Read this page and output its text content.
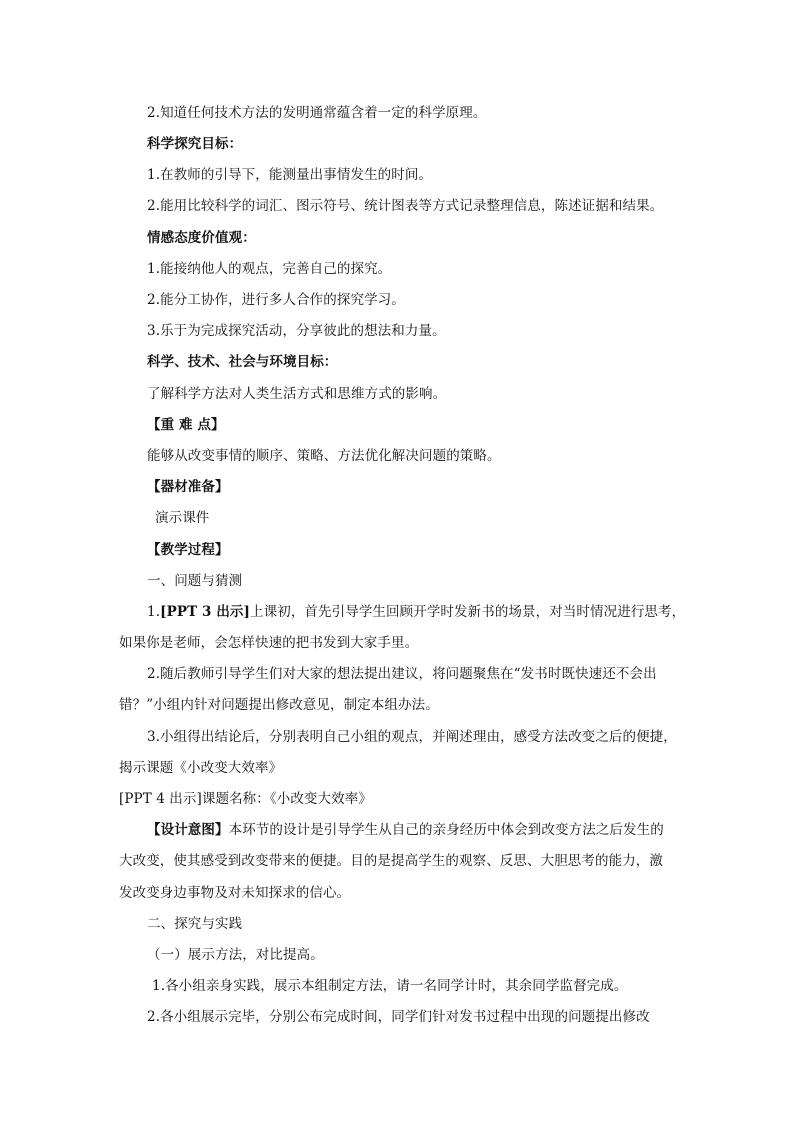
2.知道任何技术方法的发明通常蕴含着一定的科学原理。
科学探究目标：
1.在教师的引导下，能测量出事情发生的时间。
2.能用比较科学的词汇、图示符号、统计图表等方式记录整理信息，陈述证据和结果。
情感态度价值观：
1.能接纳他人的观点，完善自己的探究。
2.能分工协作，进行多人合作的探究学习。
3.乐于为完成探究活动，分享彼此的想法和力量。
科学、技术、社会与环境目标：
了解科学方法对人类生活方式和思维方式的影响。
【重 难 点】
能够从改变事情的顺序、策略、方法优化解决问题的策略。
【器材准备】
演示课件
【教学过程】
一、问题与猜测
1.[PPT 3 出示]上课初，首先引导学生回顾开学时发新书的场景，对当时情况进行思考，
如果你是老师，会怎样快速的把书发到大家手里。
2.随后教师引导学生们对大家的想法提出建议，将问题聚焦在“发书时既快速还不会出
错？”小组内针对问题提出修改意见，制定本组办法。
3.小组得出结论后，分别表明自己小组的观点，并阐述理由，感受方法改变之后的便捷，
揭示课题《小改变大效率》
[PPT 4 出示]课题名称：《小改变大效率》
【设计意图】本环节的设计是引导学生从自己的亲身经历中体会到改变方法之后发生的
大改变，使其感受到改变带来的便捷。目的是提高学生的观察、反思、大胆思考的能力，激
发改变身边事物及对未知探求的信心。
二、探究与实践
（一）展示方法，对比提高。
1.各小组亲身实践，展示本组制定方法，请一名同学计时，其余同学监督完成。
2.各小组展示完毕，分别公布完成时间，同学们针对发书过程中出现的问题提出修改
